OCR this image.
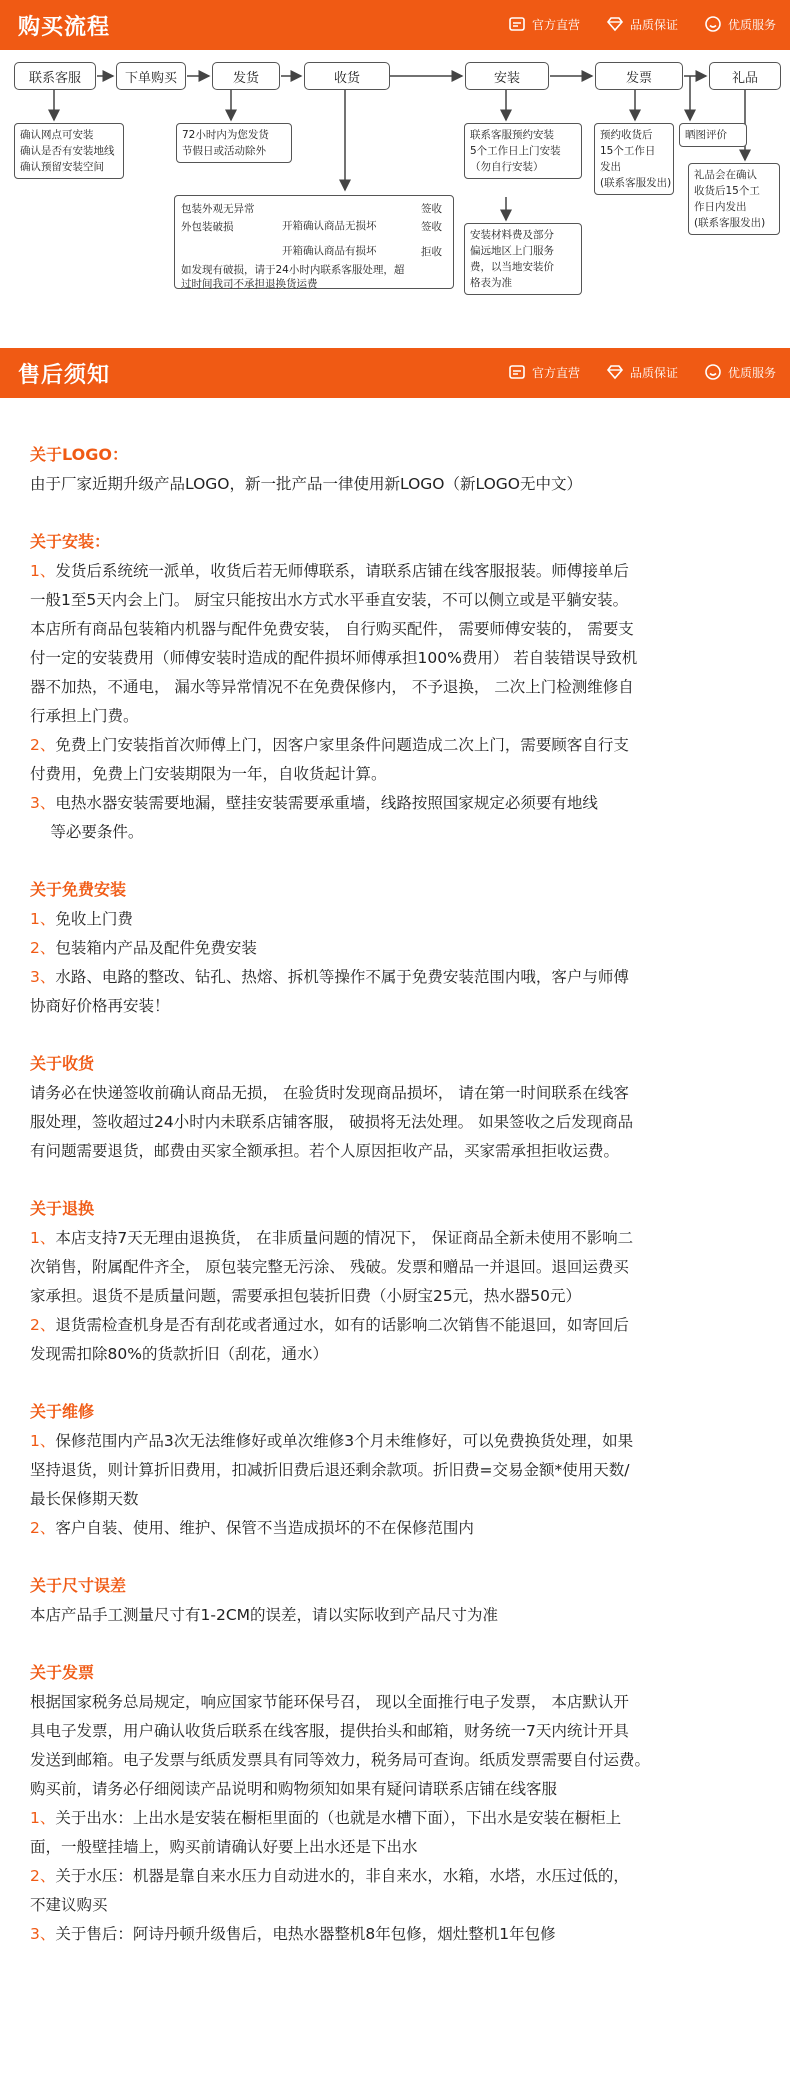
购买流程	官方直营	品质保证	优质服务
联系客服	下单购买	发货	收货	安装	发票	礼品
确认网点可安装
确认是否有安装地线
确认预留安装空间
72小时内为您发货
节假日或活动除外
联系客服预约安装
5个工作日上门安装
（勿自行安装）
安装材料费及部分
偏远地区上门服务
费，以当地安装价
格表为准
预约收货后
15个工作日
发出
(联系客服发出)
晒图评价
礼品会在确认
收货后15个工
作日内发出
(联系客服发出)
包装外观无异常	签收
外包装破损	开箱确认商品无损坏	签收
开箱确认商品有损坏	拒收
如发现有破损，请于24小时内联系客服处理，超
过时间我司不承担退换货运费
售后须知	官方直营	品质保证	优质服务
关于LOGO：

由于厂家近期升级产品LOGO，新一批产品一律使用新LOGO（新LOGO无中文）

关于安装：

1、发货后系统统一派单，收货后若无师傅联系，请联系店铺在线客服报装。师傅接单后

一般1至5天内会上门。 厨宝只能按出水方式水平垂直安装，不可以侧立或是平躺安装。

本店所有商品包装箱内机器与配件免费安装， 自行购买配件， 需要师傅安装的， 需要支

付一定的安装费用（师傅安装时造成的配件损坏师傅承担100%费用） 若自装错误导致机

器不加热，不通电， 漏水等异常情况不在免费保修内， 不予退换， 二次上门检测维修自

行承担上门费。

2、免费上门安装指首次师傅上门，因客户家里条件问题造成二次上门，需要顾客自行支

付费用，免费上门安装期限为一年，自收货起计算。

3、电热水器安装需要地漏，壁挂安装需要承重墙，线路按照国家规定必须要有地线

　 等必要条件。

关于免费安装

1、免收上门费

2、包装箱内产品及配件免费安装

3、水路、电路的整改、钻孔、热熔、拆机等操作不属于免费安装范围内哦，客户与师傅

协商好价格再安装！

关于收货

请务必在快递签收前确认商品无损， 在验货时发现商品损坏， 请在第一时间联系在线客

服处理，签收超过24小时内未联系店铺客服， 破损将无法处理。 如果签收之后发现商品

有问题需要退货，邮费由买家全额承担。若个人原因拒收产品，买家需承担拒收运费。

关于退换

1、本店支持7天无理由退换货， 在非质量问题的情况下， 保证商品全新未使用不影响二

次销售，附属配件齐全， 原包装完整无污涂、 残破。发票和赠品一并退回。退回运费买

家承担。退货不是质量问题，需要承担包装折旧费（小厨宝25元，热水器50元）

2、退货需检查机身是否有刮花或者通过水，如有的话影响二次销售不能退回，如寄回后

发现需扣除80%的货款折旧（刮花，通水）

关于维修

1、保修范围内产品3次无法维修好或单次维修3个月未维修好，可以免费换货处理，如果

坚持退货，则计算折旧费用，扣减折旧费后退还剩余款项。折旧费=交易金额*使用天数/

最长保修期天数

2、客户自装、使用、维护、保管不当造成损坏的不在保修范围内

关于尺寸误差

本店产品手工测量尺寸有1-2CM的误差，请以实际收到产品尺寸为准

关于发票

根据国家税务总局规定，响应国家节能环保号召， 现以全面推行电子发票， 本店默认开

具电子发票，用户确认收货后联系在线客服，提供抬头和邮箱，财务统一7天内统计开具

发送到邮箱。电子发票与纸质发票具有同等效力，税务局可查询。纸质发票需要自付运费。

购买前，请务必仔细阅读产品说明和购物须知如果有疑问请联系店铺在线客服

1、关于出水：上出水是安装在橱柜里面的（也就是水槽下面），下出水是安装在橱柜上

面，一般壁挂墙上，购买前请确认好要上出水还是下出水

2、关于水压：机器是靠自来水压力自动进水的，非自来水，水箱，水塔，水压过低的，

不建议购买

3、关于售后：阿诗丹顿升级售后，电热水器整机8年包修，烟灶整机1年包修
